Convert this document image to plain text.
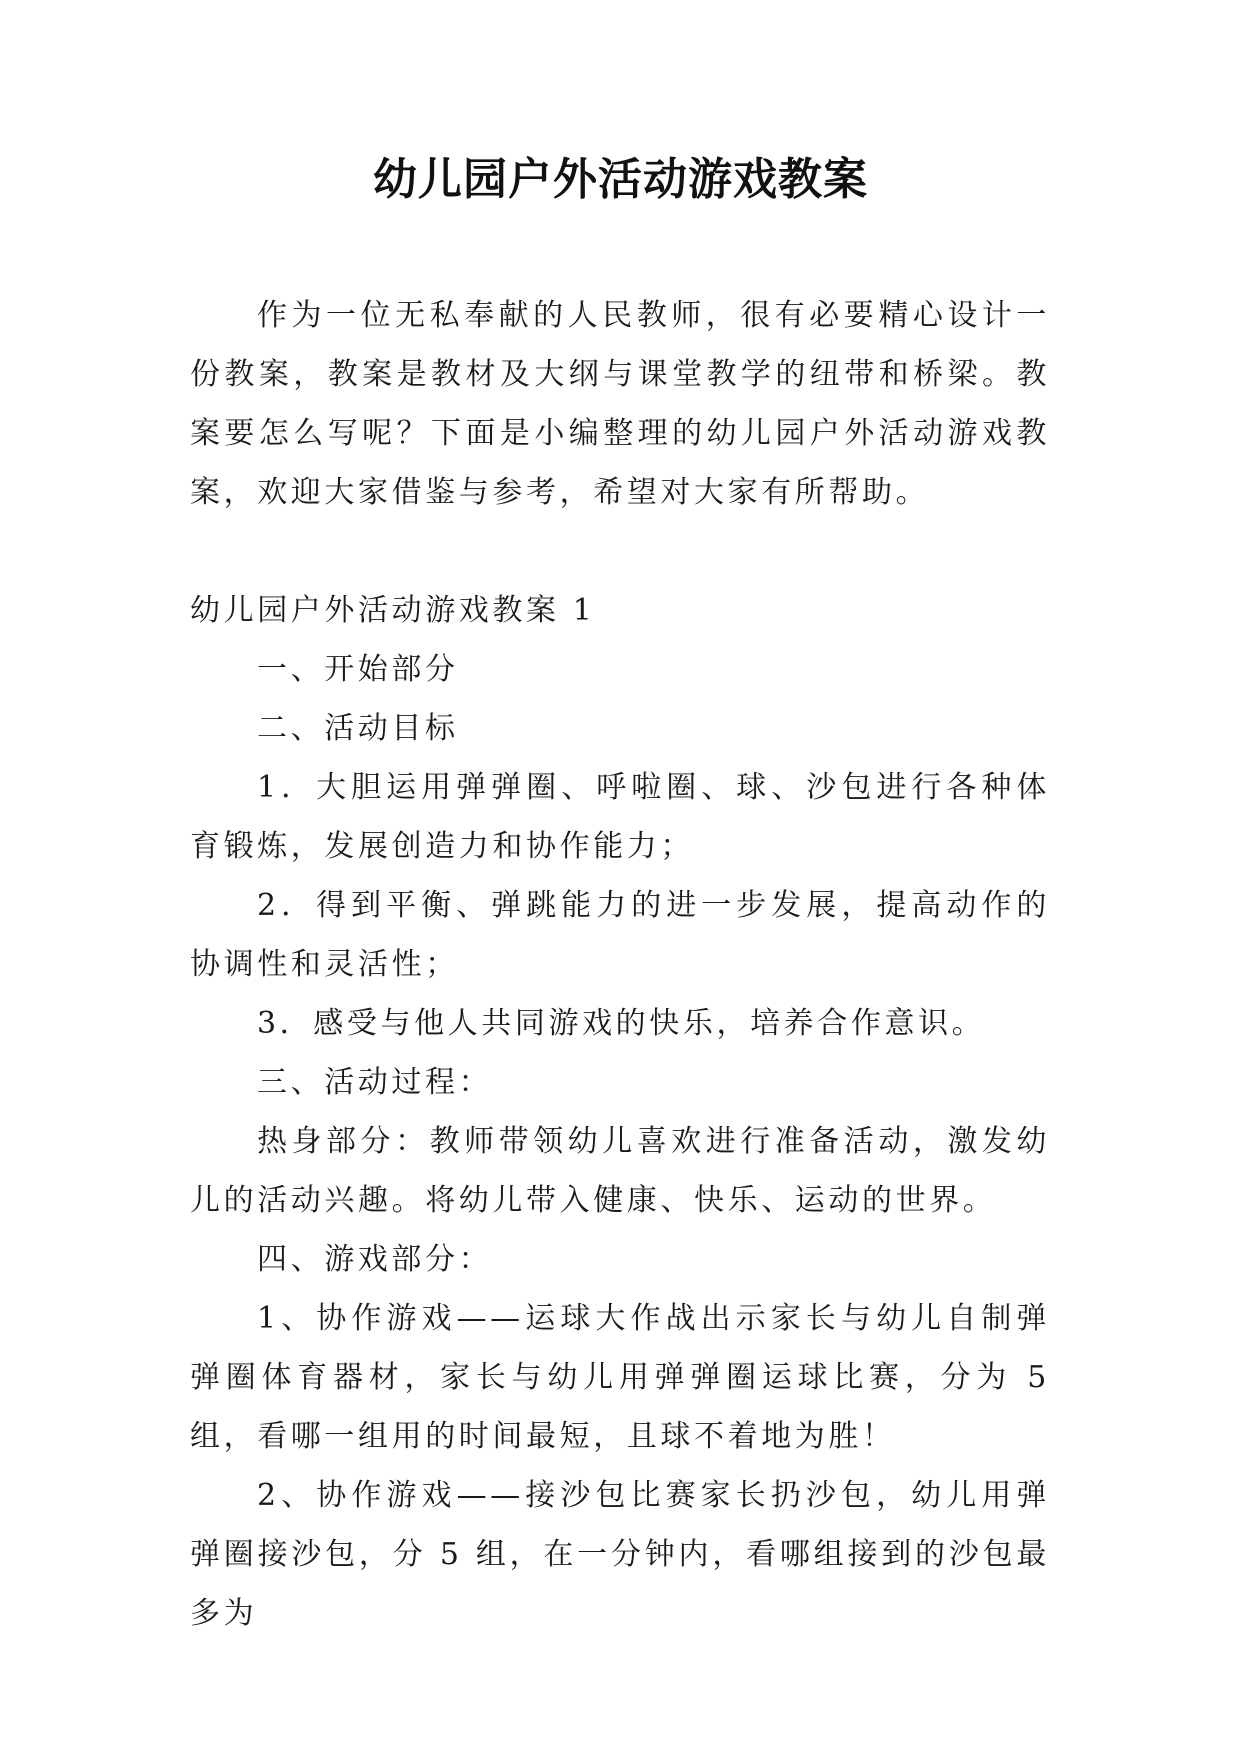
幼儿园户外活动游戏教案

作为一位无私奉献的人民教师，很有必要精心设计一份教案，教案是教材及大纲与课堂教学的纽带和桥梁。教案要怎么写呢？下面是小编整理的幼儿园户外活动游戏教案，欢迎大家借鉴与参考，希望对大家有所帮助。

幼儿园户外活动游戏教案 1

一、开始部分

二、活动目标

1．大胆运用弹弹圈、呼啦圈、球、沙包进行各种体育锻炼，发展创造力和协作能力；

2．得到平衡、弹跳能力的进一步发展，提高动作的协调性和灵活性；

3．感受与他人共同游戏的快乐，培养合作意识。

三、活动过程：

热身部分：教师带领幼儿喜欢进行准备活动，激发幼儿的活动兴趣。将幼儿带入健康、快乐、运动的世界。

四、游戏部分：

1、协作游戏——运球大作战出示家长与幼儿自制弹弹圈体育器材，家长与幼儿用弹弹圈运球比赛，分为 5 组，看哪一组用的时间最短，且球不着地为胜！

2、协作游戏——接沙包比赛家长扔沙包，幼儿用弹弹圈接沙包，分 5 组，在一分钟内，看哪组接到的沙包最多为
